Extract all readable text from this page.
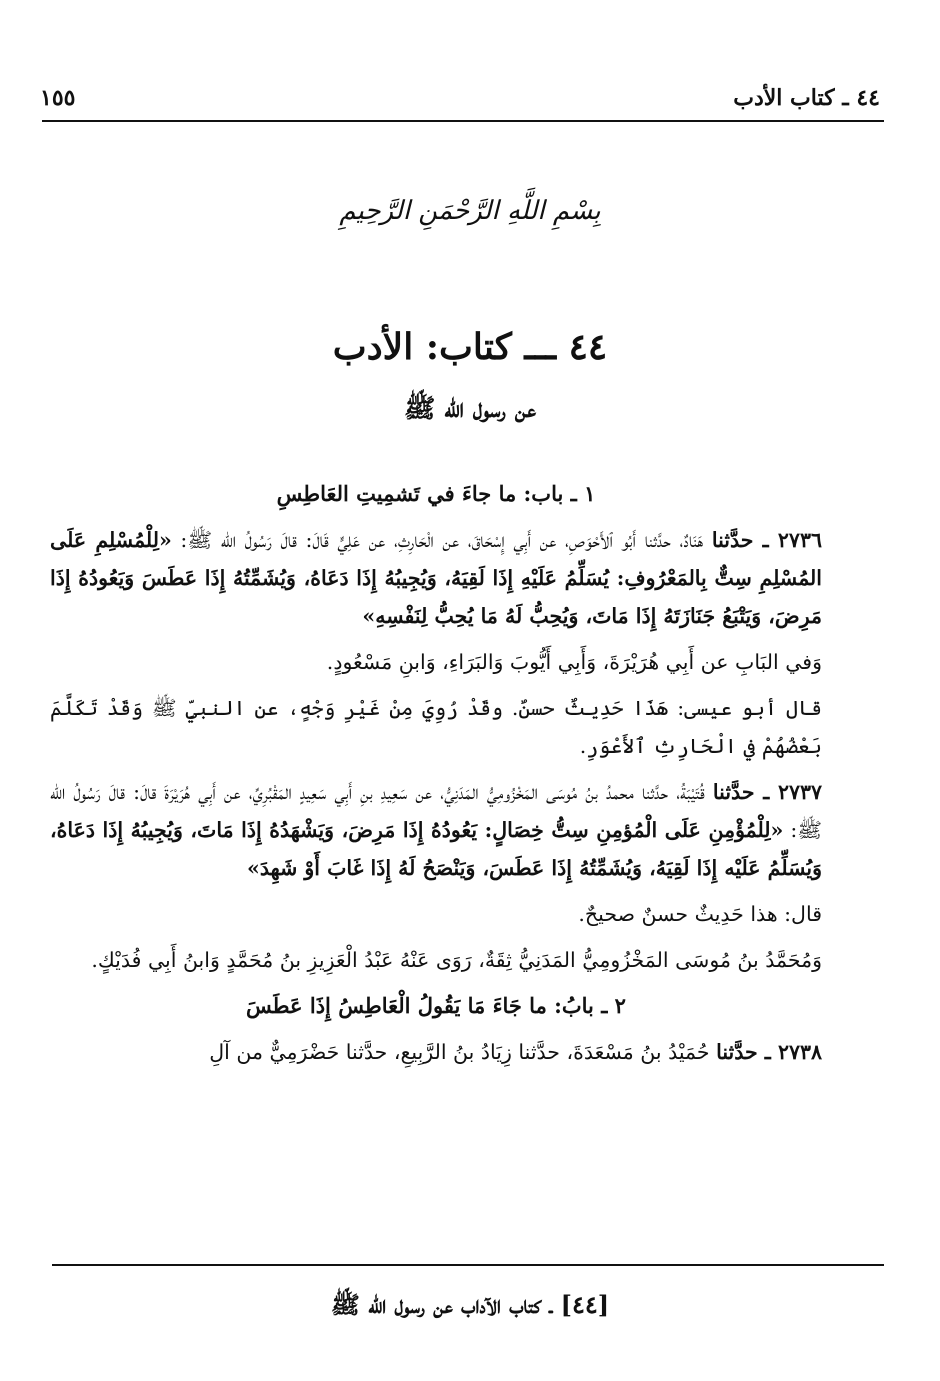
٤٤ ـ كتاب الأدب
١٥٥
بِسْمِ اللَّهِ الرَّحْمَنِ الرَّحِيمِ
٤٤ ـــ كتاب: الأدب
عن رسول الله ﷺ

١ ـ باب: ما جاءَ في تَشمِيتِ العَاطِسِ

٢٧٣٦ ـ حدَّثنا هَنَادٌ، حدَّثنا أَبُو ٱلأَحْوَصِ، عن أَبِي إِسْحَاقَ، عن الْحَارِثِ، عن عَلِيٍّ قَالَ: قالَ رَسُولُ الله ﷺ: «لِلْمُسْلِمِ عَلَى المُسْلِمِ سِتٌّ بِالمَعْرُوفِ: يُسَلِّمُ عَلَيْهِ إِذَا لَقِيَهُ، وَيُجِيبُهُ إِذَا دَعَاهُ، وَيُشَمِّتُهُ إِذَا عَطَسَ وَيَعُودُهُ إِذَا مَرِضَ، وَيَتْبَعُ جَنَازَتَهُ إِذَا مَاتَ، وَيُحِبُّ لَهُ مَا يُحِبُّ لِنَفْسِهِ»

وَفي البَابِ عن أَبِي هُرَيْرَةَ، وَأَبِي أَيُّوبَ وَالبَرَاءِ، وَابنِ مَسْعُودٍ.

قال أبو عيسى: هَذَا حَدِيثٌ حسنٌ. وقَدْ رُوِيَ مِنْ غَيْرِ وَجْهٍ، عن النبيِّ ﷺ وَقَدْ تَكَلَّمَ بَعْضُهُمْ في الْحَارِثِ ٱلأَعْوَرِ.

٢٧٣٧ ـ حدَّثنا قُتَيْبَةُ، حدَّثنا محمدُ بنُ مُوسَى المَخْزُومِيُّ المَدَنِيُّ، عن سَعِيدِ بنِ أَبِي سَعِيدٍ المَقْبُرِيِّ، عن أَبِي هُرَيْرَةَ قالَ: قالَ رَسُولُ الله ﷺ: «لِلْمُؤْمِنِ عَلَى الْمُؤمِنِ سِتُّ خِصَالٍ: يَعُودُهُ إِذَا مَرِضَ، وَيَشْهَدُهُ إِذَا مَاتَ، وَيُجِيبُهُ إِذَا دَعَاهُ، وَيُسَلِّمُ عَلَيْه إِذَا لَقِيَهُ، وَيُشَمِّتُهُ إِذَا عَطَسَ، وَيَنْصَحُ لَهُ إِذَا غَابَ أَوْ شَهِدَ»

قال: هذا حَدِيثٌ حسنٌ صحيحٌ.

وَمُحَمَّدُ بنُ مُوسَى المَخْزُومِيُّ المَدَنِيُّ ثِقَةٌ، رَوَى عَنْهُ عَبْدُ الْعَزِيزِ بنُ مُحَمَّدٍ وَابنُ أَبِي فُدَيْكٍ.

٢ ـ بابُ: ما جَاءَ مَا يَقُولُ الْعَاطِسُ إِذَا عَطَسَ

٢٧٣٨ ـ حدَّثنا حُمَيْدُ بنُ مَسْعَدَةَ، حدَّثنا زِيَادُ بنُ الرَّبِيعِ، حدَّثنا حَضْرَمِيٌّ من آلِ

[٤٤] ـ كتاب الآداب عن رسول الله ﷺ
